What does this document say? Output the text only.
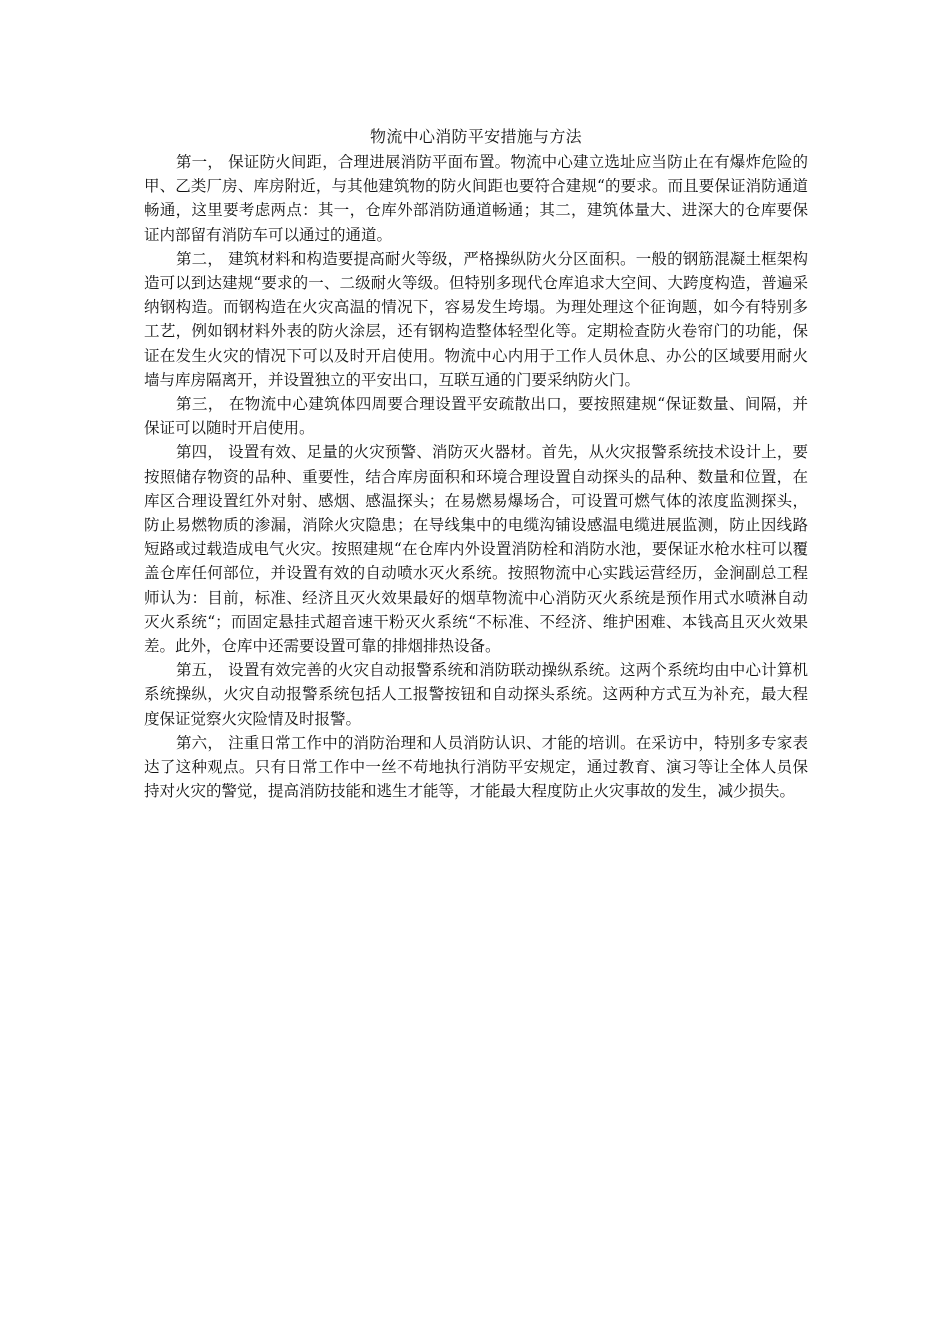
物流中心消防平安措施与方法

第一， 保证防火间距，合理进展消防平面布置。物流中心建立选址应当防止在有爆炸危险的甲、乙类厂房、库房附近，与其他建筑物的防火间距也要符合建规“的要求。而且要保证消防通道畅通，这里要考虑两点：其一，仓库外部消防通道畅通；其二，建筑体量大、进深大的仓库要保证内部留有消防车可以通过的通道。

第二， 建筑材料和构造要提高耐火等级，严格操纵防火分区面积。一般的钢筋混凝土框架构造可以到达建规“要求的一、二级耐火等级。但特别多现代仓库追求大空间、大跨度构造，普遍采纳钢构造。而钢构造在火灾高温的情况下，容易发生垮塌。为理处理这个征询题，如今有特别多工艺，例如钢材料外表的防火涂层，还有钢构造整体轻型化等。定期检查防火卷帘门的功能，保证在发生火灾的情况下可以及时开启使用。物流中心内用于工作人员休息、办公的区域要用耐火墙与库房隔离开，并设置独立的平安出口，互联互通的门要采纳防火门。

第三， 在物流中心建筑体四周要合理设置平安疏散出口，要按照建规“保证数量、间隔，并保证可以随时开启使用。

第四， 设置有效、足量的火灾预警、消防灭火器材。首先，从火灾报警系统技术设计上，要按照储存物资的品种、重要性，结合库房面积和环境合理设置自动探头的品种、数量和位置，在库区合理设置红外对射、感烟、感温探头；在易燃易爆场合，可设置可燃气体的浓度监测探头，防止易燃物质的渗漏，消除火灾隐患；在导线集中的电缆沟铺设感温电缆进展监测，防止因线路短路或过载造成电气火灾。按照建规“在仓库内外设置消防栓和消防水池，要保证水枪水柱可以覆盖仓库任何部位，并设置有效的自动喷水灭火系统。按照物流中心实践运营经历，金涧副总工程师认为：目前，标准、经济且灭火效果最好的烟草物流中心消防灭火系统是预作用式水喷淋自动灭火系统“；而固定悬挂式超音速干粉灭火系统“不标准、不经济、维护困难、本钱高且灭火效果差。此外，仓库中还需要设置可靠的排烟排热设备。

第五， 设置有效完善的火灾自动报警系统和消防联动操纵系统。这两个系统均由中心计算机系统操纵，火灾自动报警系统包括人工报警按钮和自动探头系统。这两种方式互为补充，最大程度保证觉察火灾险情及时报警。

第六， 注重日常工作中的消防治理和人员消防认识、才能的培训。在采访中，特别多专家表达了这种观点。只有日常工作中一丝不苟地执行消防平安规定，通过教育、演习等让全体人员保持对火灾的警觉，提高消防技能和逃生才能等，才能最大程度防止火灾事故的发生，减少损失。
